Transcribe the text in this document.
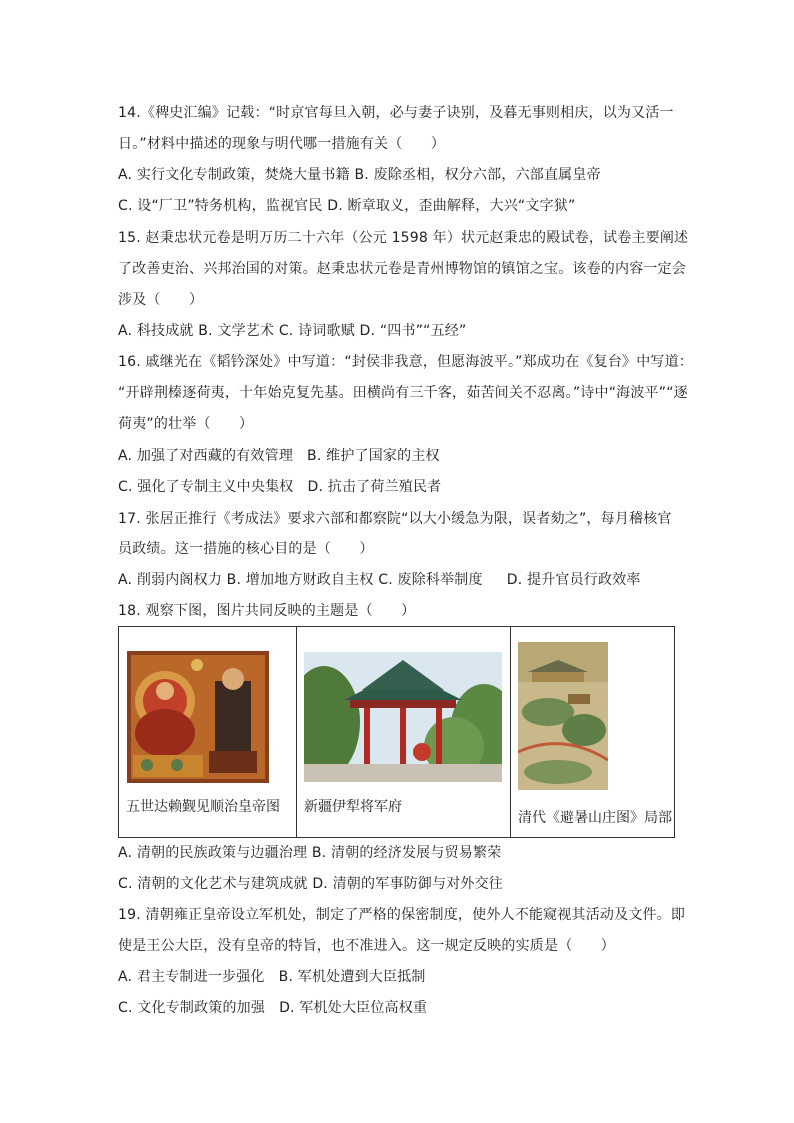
14.《稗史汇编》记载：“时京官每旦入朝，必与妻子诀别，及暮无事则相庆，以为又活一
日。”材料中描述的现象与明代哪一措施有关（　　）
A. 实行文化专制政策，焚烧大量书籍 B. 废除丞相，权分六部，六部直属皇帝
C. 设“厂卫”特务机构，监视官民 D. 断章取义，歪曲解释，大兴“文字狱”
15. 赵秉忠状元卷是明万历二十六年（公元 1598 年）状元赵秉忠的殿试卷，试卷主要阐述
了改善吏治、兴邦治国的对策。赵秉忠状元卷是青州博物馆的镇馆之宝。该卷的内容一定会
涉及（　　）
A. 科技成就 B. 文学艺术 C. 诗词歌赋 D. “四书”“五经”
16. 戚继光在《韬钤深处》中写道：“封侯非我意，但愿海波平。”郑成功在《复台》中写道：
“开辟荆榛逐荷夷，十年始克复先基。田横尚有三千客，茹苦间关不忍离。”诗中“海波平”“逐
荷夷”的壮举（　　）
A. 加强了对西藏的有效管理 B. 维护了国家的主权
C. 强化了专制主义中央集权 D. 抗击了荷兰殖民者
17. 张居正推行《考成法》要求六部和都察院“以大小缓急为限，误者劾之”，每月稽核官
员政绩。这一措施的核心目的是（　　）
A. 削弱内阁权力 B. 增加地方财政自主权 C. 废除科举制度 D. 提升官员行政效率
18. 观察下图，图片共同反映的主题是（　　）
五世达赖觐见顺治皇帝图	新疆伊犁将军府

清代《避暑山庄图》局部
A. 清朝的民族政策与边疆治理 B. 清朝的经济发展与贸易繁荣
C. 清朝的文化艺术与建筑成就 D. 清朝的军事防御与对外交往
19. 清朝雍正皇帝设立军机处，制定了严格的保密制度，使外人不能窥视其活动及文件。即
使是王公大臣，没有皇帝的特旨，也不准进入。这一规定反映的实质是（　　）
A. 君主专制进一步强化 B. 军机处遭到大臣抵制
C. 文化专制政策的加强 D. 军机处大臣位高权重
